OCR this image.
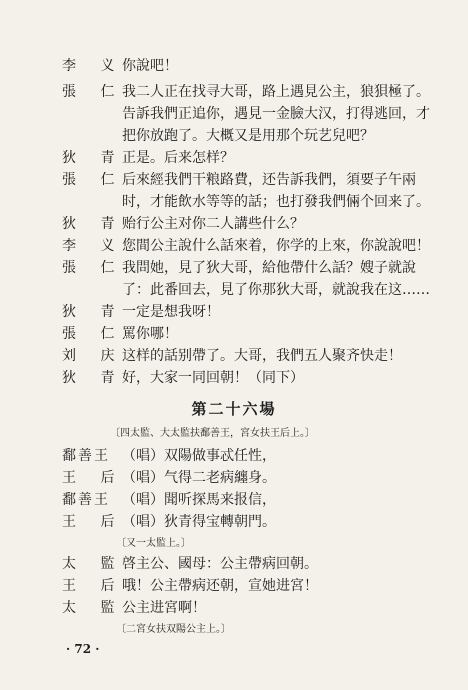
李 义
你說吧！
張 仁
我二人正在找寻大哥，路上遇見公主，狼狽極了。
告訴我們正追你，遇見一金臉大汉，打得逃回，才
把你放跑了。大概又是用那个玩艺兒吧？
狄 青
正是。后来怎样？
張 仁
后來經我們干粮路費，还告訴我們，須要子午兩
时，才能飲水等等的話；也打發我們倆个回来了。
狄 青
贻行公主对你二人講些什么？
李 义
您間公主說什么話來着，你学的上來，你說說吧！
張 仁
我問她，見了狄大哥，給他帶什么話？嫂子就說
了：此番回去，見了你那狄大哥，就說我在这……
狄 青
一定是想我呀！
張 仁
罵你哪！
刘 庆
这样的話别帶了。大哥，我們五人聚齐快走！
狄 青
好，大家一同回朝！（同下）
第二十六場
〔四太監、大太監扶鄱善王，宮女扶王后上。〕
鄱善王 （唱）双陽做事忒任性，
王 后
（唱）气得二老病纏身。
鄱善王 （唱）聞听探馬来报信，
王 后
（唱）狄青得宝轉朝門。
〔又一太監上。〕
太 監
啓主公、國母：公主帶病回朝。
王 后
哦！公主帶病还朝，宣她进宮！
太 監
公主进宮啊！
〔二宮女扶双陽公主上。〕
· 72 ·
